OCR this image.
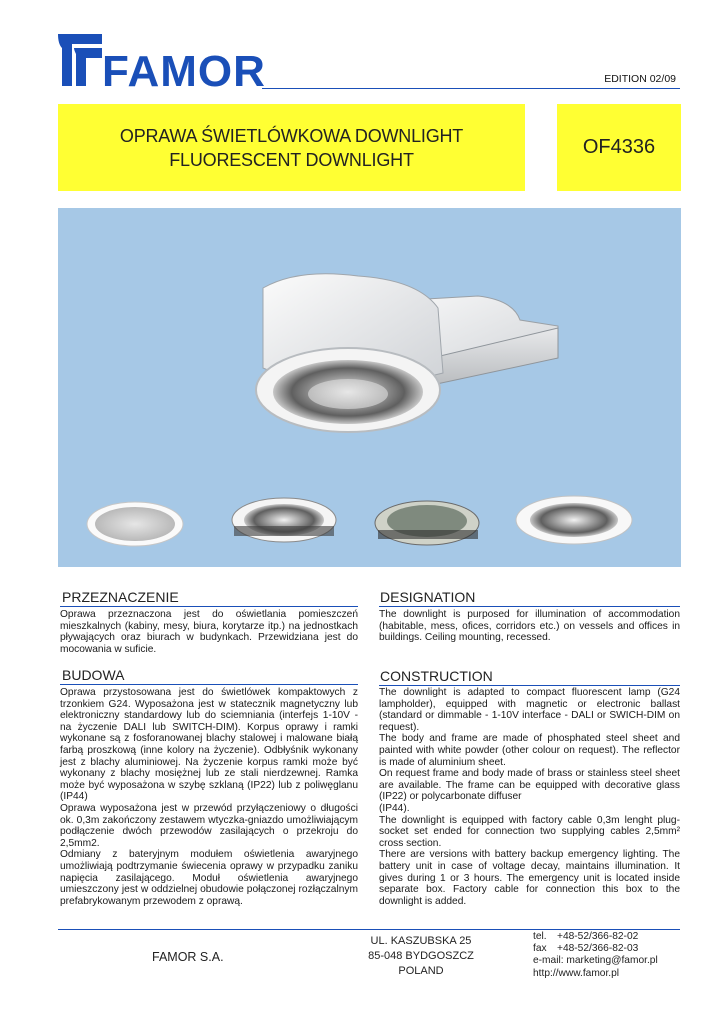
FAMOR	EDITION 02/09
OPRAWA ŚWIETLÓWKOWA DOWNLIGHT
FLUORESCENT DOWNLIGHT
OF4336
PRZEZNACZENIE
Oprawa przeznaczona jest do oświetlania pomieszczeń mieszkalnych (kabiny, mesy, biura, korytarze itp.) na jednostkach pływających oraz biurach w budynkach. Przewidziana jest do mocowania w suficie.
DESIGNATION
The downlight is purposed for illumination of accommodation (habitable, mess, ofices, corridors etc.) on vessels and offices in buildings. Ceiling mounting, recessed.
BUDOWA
Oprawa przystosowana jest do świetlówek kompaktowych z trzonkiem G24. Wyposażona jest w statecznik magnetyczny lub elektroniczny standardowy lub do sciemniania (interfejs 1-10V - na życzenie DALI lub SWITCH-DIM). Korpus oprawy i ramki wykonane są z fosforanowanej blachy stalowej i malowane białą farbą proszkową (inne kolory na życzenie). Odbłyśnik wykonany jest z blachy aluminiowej. Na życzenie korpus ramki może być wykonany z blachy mosiężnej lub ze stali nierdzewnej. Ramka może być wyposażona w szybę szklaną (IP22) lub z poliwęglanu (IP44)
Oprawa wyposażona jest w przewód przyłączeniowy o długości ok. 0,3m zakończony zestawem wtyczka-gniazdo umożliwiającym podłączenie dwóch przewodów zasilających o przekroju do 2,5mm2.
Odmiany z bateryjnym modułem oświetlenia awaryjnego umożliwiają podtrzymanie świecenia oprawy w przypadku zaniku napięcia zasilającego. Moduł oświetlenia awaryjnego umieszczony jest w oddzielnej obudowie połączonej rozłączalnym prefabrykowanym przewodem z oprawą.
CONSTRUCTION
The downlight is adapted to compact fluorescent lamp (G24 lampholder), equipped with magnetic or electronic ballast (standard or dimmable - 1-10V interface - DALI or SWICH-DIM on request).
The body and frame are made of phosphated steel sheet and painted with white powder (other colour on request). The reflector is made of aluminium sheet.
On request frame and body made of brass or stainless steel sheet are available. The frame can be equipped with decorative glass (IP22) or polycarbonate diffuser
(IP44).
The downlight is equipped with factory cable 0,3m lenght plug-socket set ended for connection two supplying cables 2,5mm² cross section.
There are versions with battery backup emergency lighting. The battery unit in case of voltage decay, maintains illumination. It gives during 1 or 3 hours. The emergency unit is located inside separate box. Factory cable for connection this box to the downlight is added.
FAMOR S.A.
UL. KASZUBSKA 25
85-048 BYDGOSZCZ
POLAND
tel.	+48-52/366-82-02
fax	+48-52/366-82-03
e-mail: marketing@famor.pl
http://www.famor.pl
